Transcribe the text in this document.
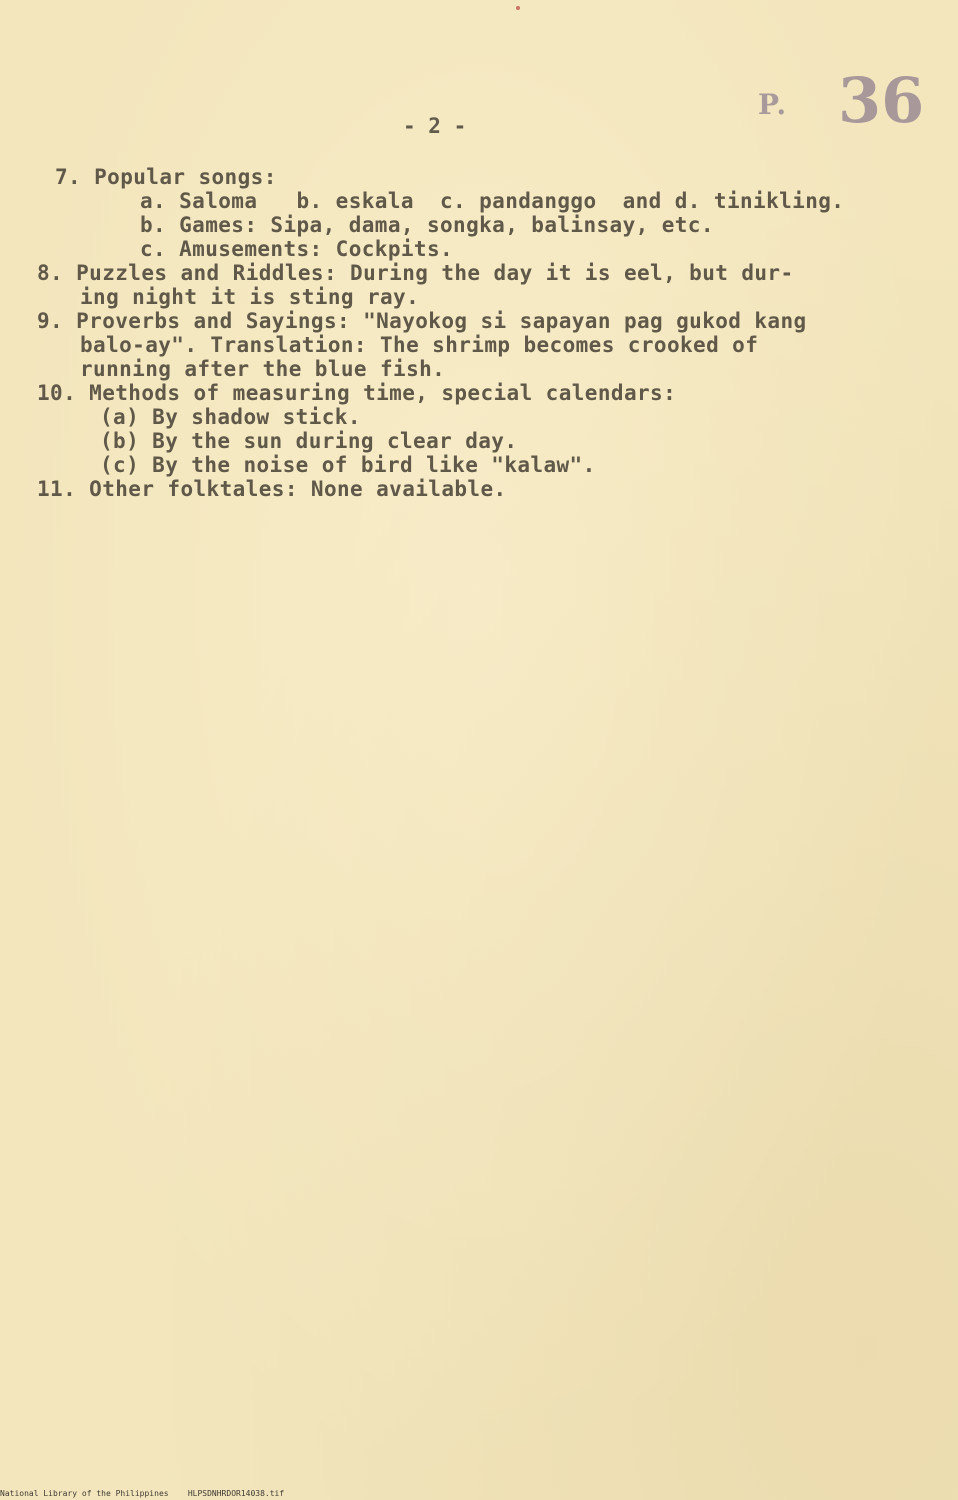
P. 36
- 2 -
7. Popular songs:
a. Saloma   b. eskala  c. pandanggo  and d. tinikling.
b. Games: Sipa, dama, songka, balinsay, etc.
c. Amusements: Cockpits.
8. Puzzles and Riddles: During the day it is eel, but dur-
ing night it is sting ray.
9. Proverbs and Sayings: "Nayokog si sapayan pag gukod kang
balo-ay". Translation: The shrimp becomes crooked of
running after the blue fish.
10. Methods of measuring time, special calendars:
(a) By shadow stick.
(b) By the sun during clear day.
(c) By the noise of bird like "kalaw".
11. Other folktales: None available.
National Library of the Philippines    HLPSDNHRDOR14038.tif
